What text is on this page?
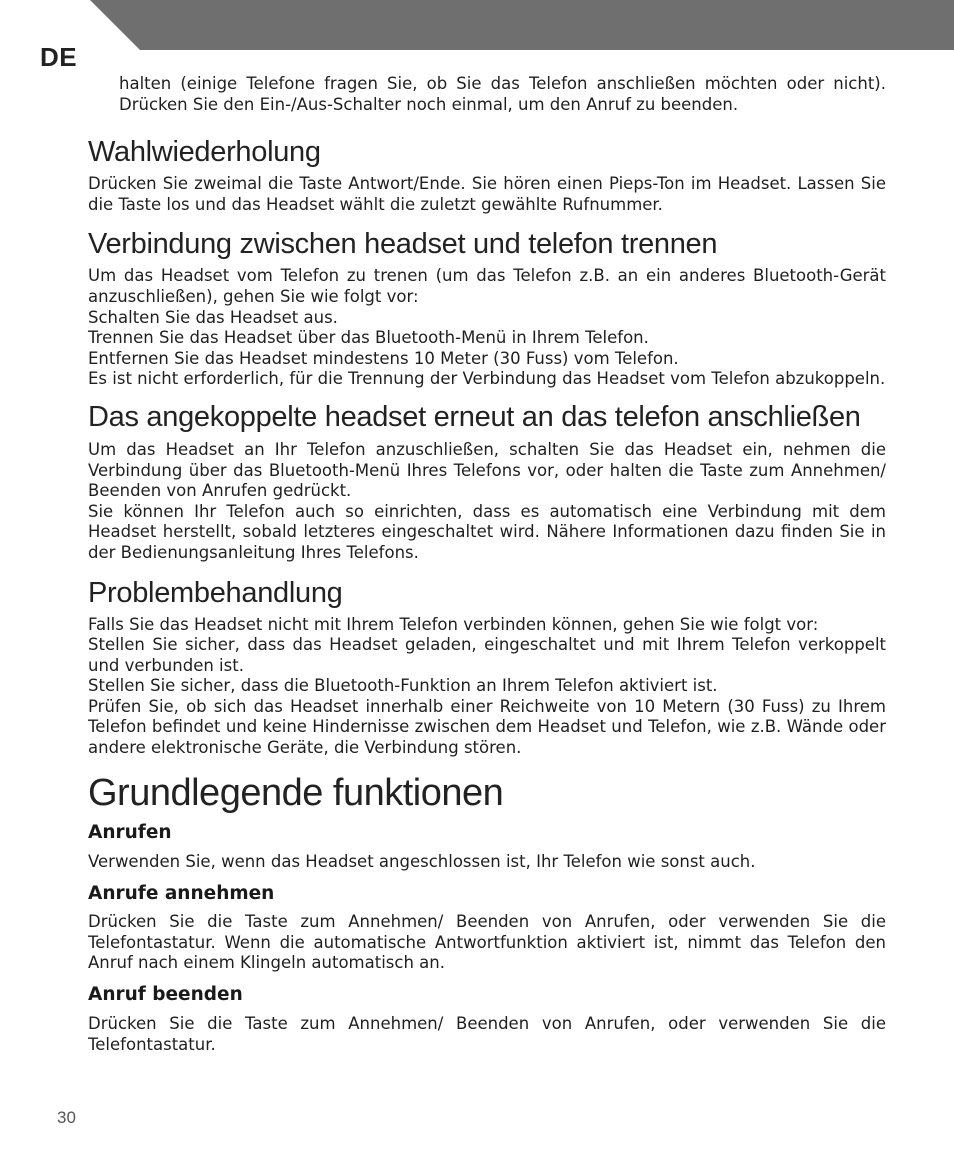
DE

halten (einige Telefone fragen Sie, ob Sie das Telefon anschließen möchten oder nicht). Drücken Sie den Ein-/Aus-Schalter noch einmal, um den Anruf zu beenden.

Wahlwiederholung

Drücken Sie zweimal die Taste Antwort/Ende. Sie hören einen Pieps-Ton im Headset. Lassen Sie die Taste los und das Headset wählt die zuletzt gewählte Rufnummer.

Verbindung zwischen headset und telefon trennen

Um das Headset vom Telefon zu trenen (um das Telefon z.B. an ein anderes Bluetooth-Gerät anzuschließen), gehen Sie wie folgt vor:

Schalten Sie das Headset aus.

Trennen Sie das Headset über das Bluetooth-Menü in Ihrem Telefon.

Entfernen Sie das Headset mindestens 10 Meter (30 Fuss) vom Telefon.

Es ist nicht erforderlich, für die Trennung der Verbindung das Headset vom Telefon abzukoppeln.

Das angekoppelte headset erneut an das telefon anschließen

Um das Headset an Ihr Telefon anzuschließen, schalten Sie das Headset ein, nehmen die Verbindung über das Bluetooth-Menü Ihres Telefons vor, oder halten die Taste zum Annehmen/ Beenden von Anrufen gedrückt.

Sie können Ihr Telefon auch so einrichten, dass es automatisch eine Verbindung mit dem Headset herstellt, sobald letzteres eingeschaltet wird. Nähere Informationen dazu finden Sie in der Bedienungsanleitung Ihres Telefons.

Problembehandlung

Falls Sie das Headset nicht mit Ihrem Telefon verbinden können, gehen Sie wie folgt vor:

Stellen Sie sicher, dass das Headset geladen, eingeschaltet und mit Ihrem Telefon verkoppelt und verbunden ist.

Stellen Sie sicher, dass die Bluetooth-Funktion an Ihrem Telefon aktiviert ist.

Prüfen Sie, ob sich das Headset innerhalb einer Reichweite von 10 Metern (30 Fuss) zu Ihrem Telefon befindet und keine Hindernisse zwischen dem Headset und Telefon, wie z.B. Wände oder andere elektronische Geräte, die Verbindung stören.

Grundlegende funktionen
Anrufen

Verwenden Sie, wenn das Headset angeschlossen ist, Ihr Telefon wie sonst auch.

Anrufe annehmen

Drücken Sie die Taste zum Annehmen/ Beenden von Anrufen, oder verwenden Sie die Telefontastatur. Wenn die automatische Antwortfunktion aktiviert ist, nimmt das Telefon den Anruf nach einem Klingeln automatisch an.

Anruf beenden

Drücken Sie die Taste zum Annehmen/ Beenden von Anrufen, oder verwenden Sie die Telefontastatur.

30
